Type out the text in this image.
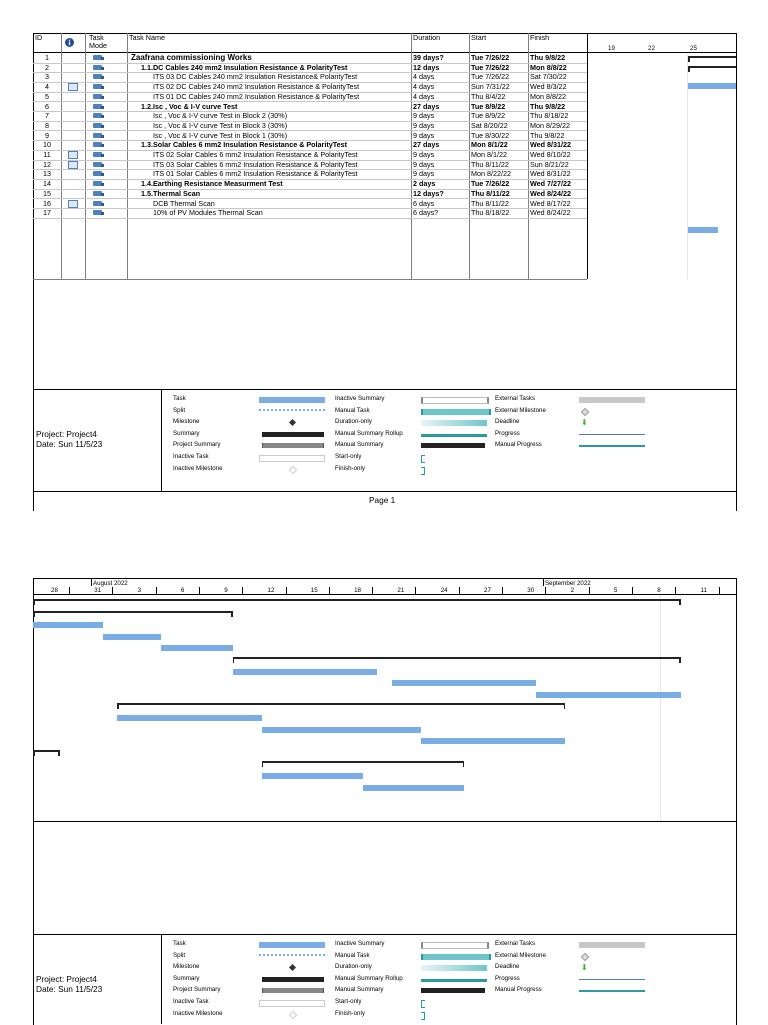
ID	Task Mode
Task Name	Duration	Start	Finish
19	22	25
1	Zaafrana commissioning Works	39 days?	Tue 7/26/22	Thu 9/8/22
2	1.1.DC Cables 240 mm2 Insulation Resistance & PolarityTest	12 days	Tue 7/26/22	Mon 8/8/22
3	ITS 03 DC Cables 240 mm2 Insulation Resistance& PolarityTest	4 days	Tue 7/26/22	Sat 7/30/22
4	ITS 02 DC Cables 240 mm2 Insulation Resistance & PolarityTest	4 days	Sun 7/31/22	Wed 8/3/22
5	ITS 01 DC Cables 240 mm2 Insulation Resistance & PolarityTest	4 days	Thu 8/4/22	Mon 8/8/22
6	1.2.Isc , Voc & I-V curve Test	27 days	Tue 8/9/22	Thu 9/8/22
7	Isc , Voc & I-V curve Test in Block 2 (30%)	9 days	Tue 8/9/22	Thu 8/18/22
8	Isc , Voc & I-V curve Test in Block 3 (30%)	9 days	Sat 8/20/22	Mon 8/29/22
9	Isc , Voc & I-V curve Test in Block 1 (30%)	9 days	Tue 8/30/22	Thu 9/8/22
10	1.3.Solar Cables 6 mm2 Insulation Resistance & PolarityTest	27 days	Mon 8/1/22	Wed 8/31/22
11	ITS 02 Solar Cables 6 mm2 Insulation Resistance & PolarityTest	9 days	Mon 8/1/22	Wed 8/10/22
12	ITS 03 Solar Cables 6 mm2 Insulation Resistance & PolarityTest	9 days	Thu 8/11/22	Sun 8/21/22
13	ITS 01 Solar Cables 6 mm2 Insulation Resistance & PolarityTest	9 days	Mon 8/22/22	Wed 8/31/22
14	1.4.Earthing Resistance Measurment Test	2 days	Tue 7/26/22	Wed 7/27/22
15	1.5.Thermal Scan	12 days?	Thu 8/11/22	Wed 8/24/22
16	DCB Thermal Scan	6 days	Thu 8/11/22	Wed 8/17/22
17	10% of PV Modules Thermal Scan	6 days?	Thu 8/18/22	Wed 8/24/22
Project: Project4
Date: Sun 11/5/23
Task
Split
Milestone
Summary
Project Summary
Inactive Task
Inactive Milestone
Inactive Summary
Manual Task
Duration-only
Manual Summary Rollup
Manual Summary
Start-only
Finish-only
External Tasks
External Milestone
Deadline	⬇
Progress
Manual Progress
Page 1
August 2022	September 2022
28	31	3	6	9	12	15	18	21	24	27	30	2	5	8	11
Project: Project4
Date: Sun 11/5/23
Task
Split
Milestone
Summary
Project Summary
Inactive Task
Inactive Milestone
Inactive Summary
Manual Task
Duration-only
Manual Summary Rollup
Manual Summary
Start-only
Finish-only
External Tasks
External Milestone
Deadline	⬇
Progress
Manual Progress
